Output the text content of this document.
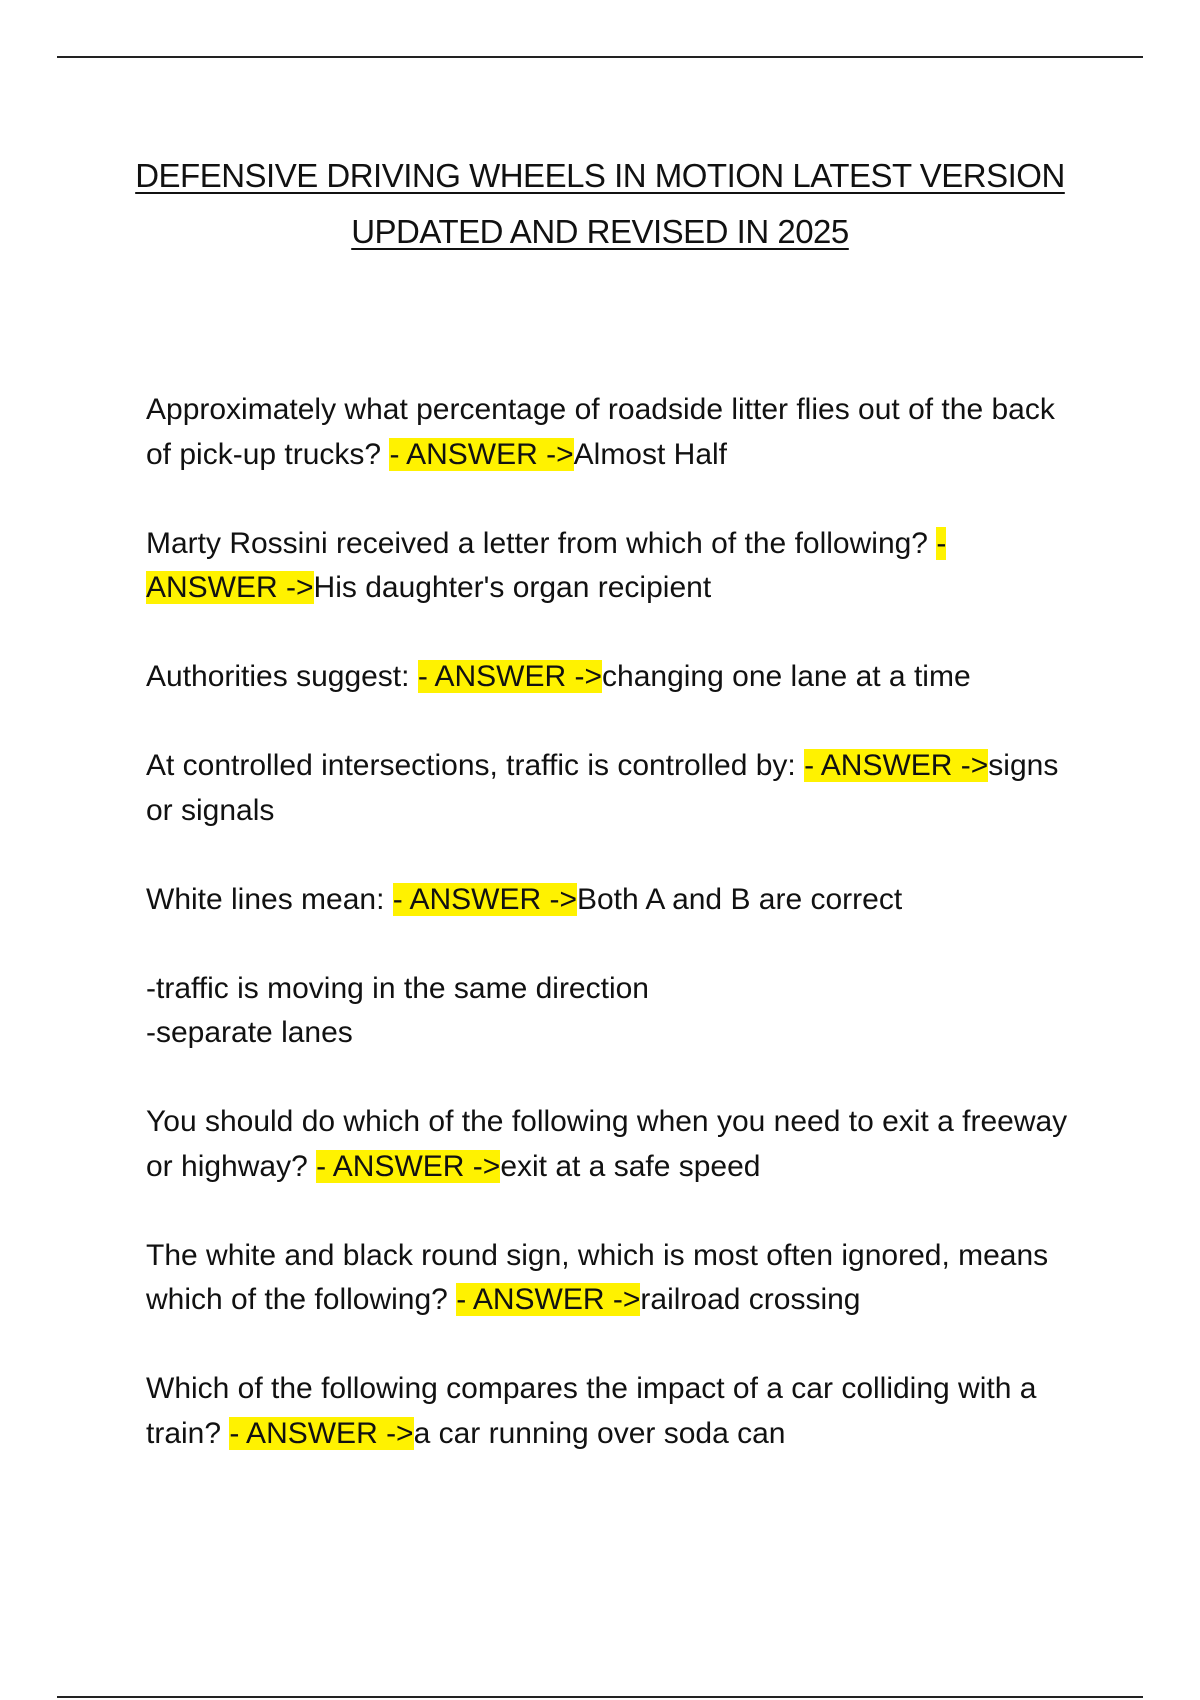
DEFENSIVE DRIVING WHEELS IN MOTION LATEST VERSION
UPDATED AND REVISED IN 2025

Approximately what percentage of roadside litter flies out of the back of pick-up trucks? - ANSWER ->Almost Half

Marty Rossini received a letter from which of the following? - ANSWER ->His daughter's organ recipient

Authorities suggest: - ANSWER ->changing one lane at a time

At controlled intersections, traffic is controlled by: - ANSWER ->signs or signals

White lines mean: - ANSWER ->Both A and B are correct

-traffic is moving in the same direction
-separate lanes

You should do which of the following when you need to exit a freeway or highway? - ANSWER ->exit at a safe speed

The white and black round sign, which is most often ignored, means which of the following? - ANSWER ->railroad crossing

Which of the following compares the impact of a car colliding with a train? - ANSWER ->a car running over soda can
